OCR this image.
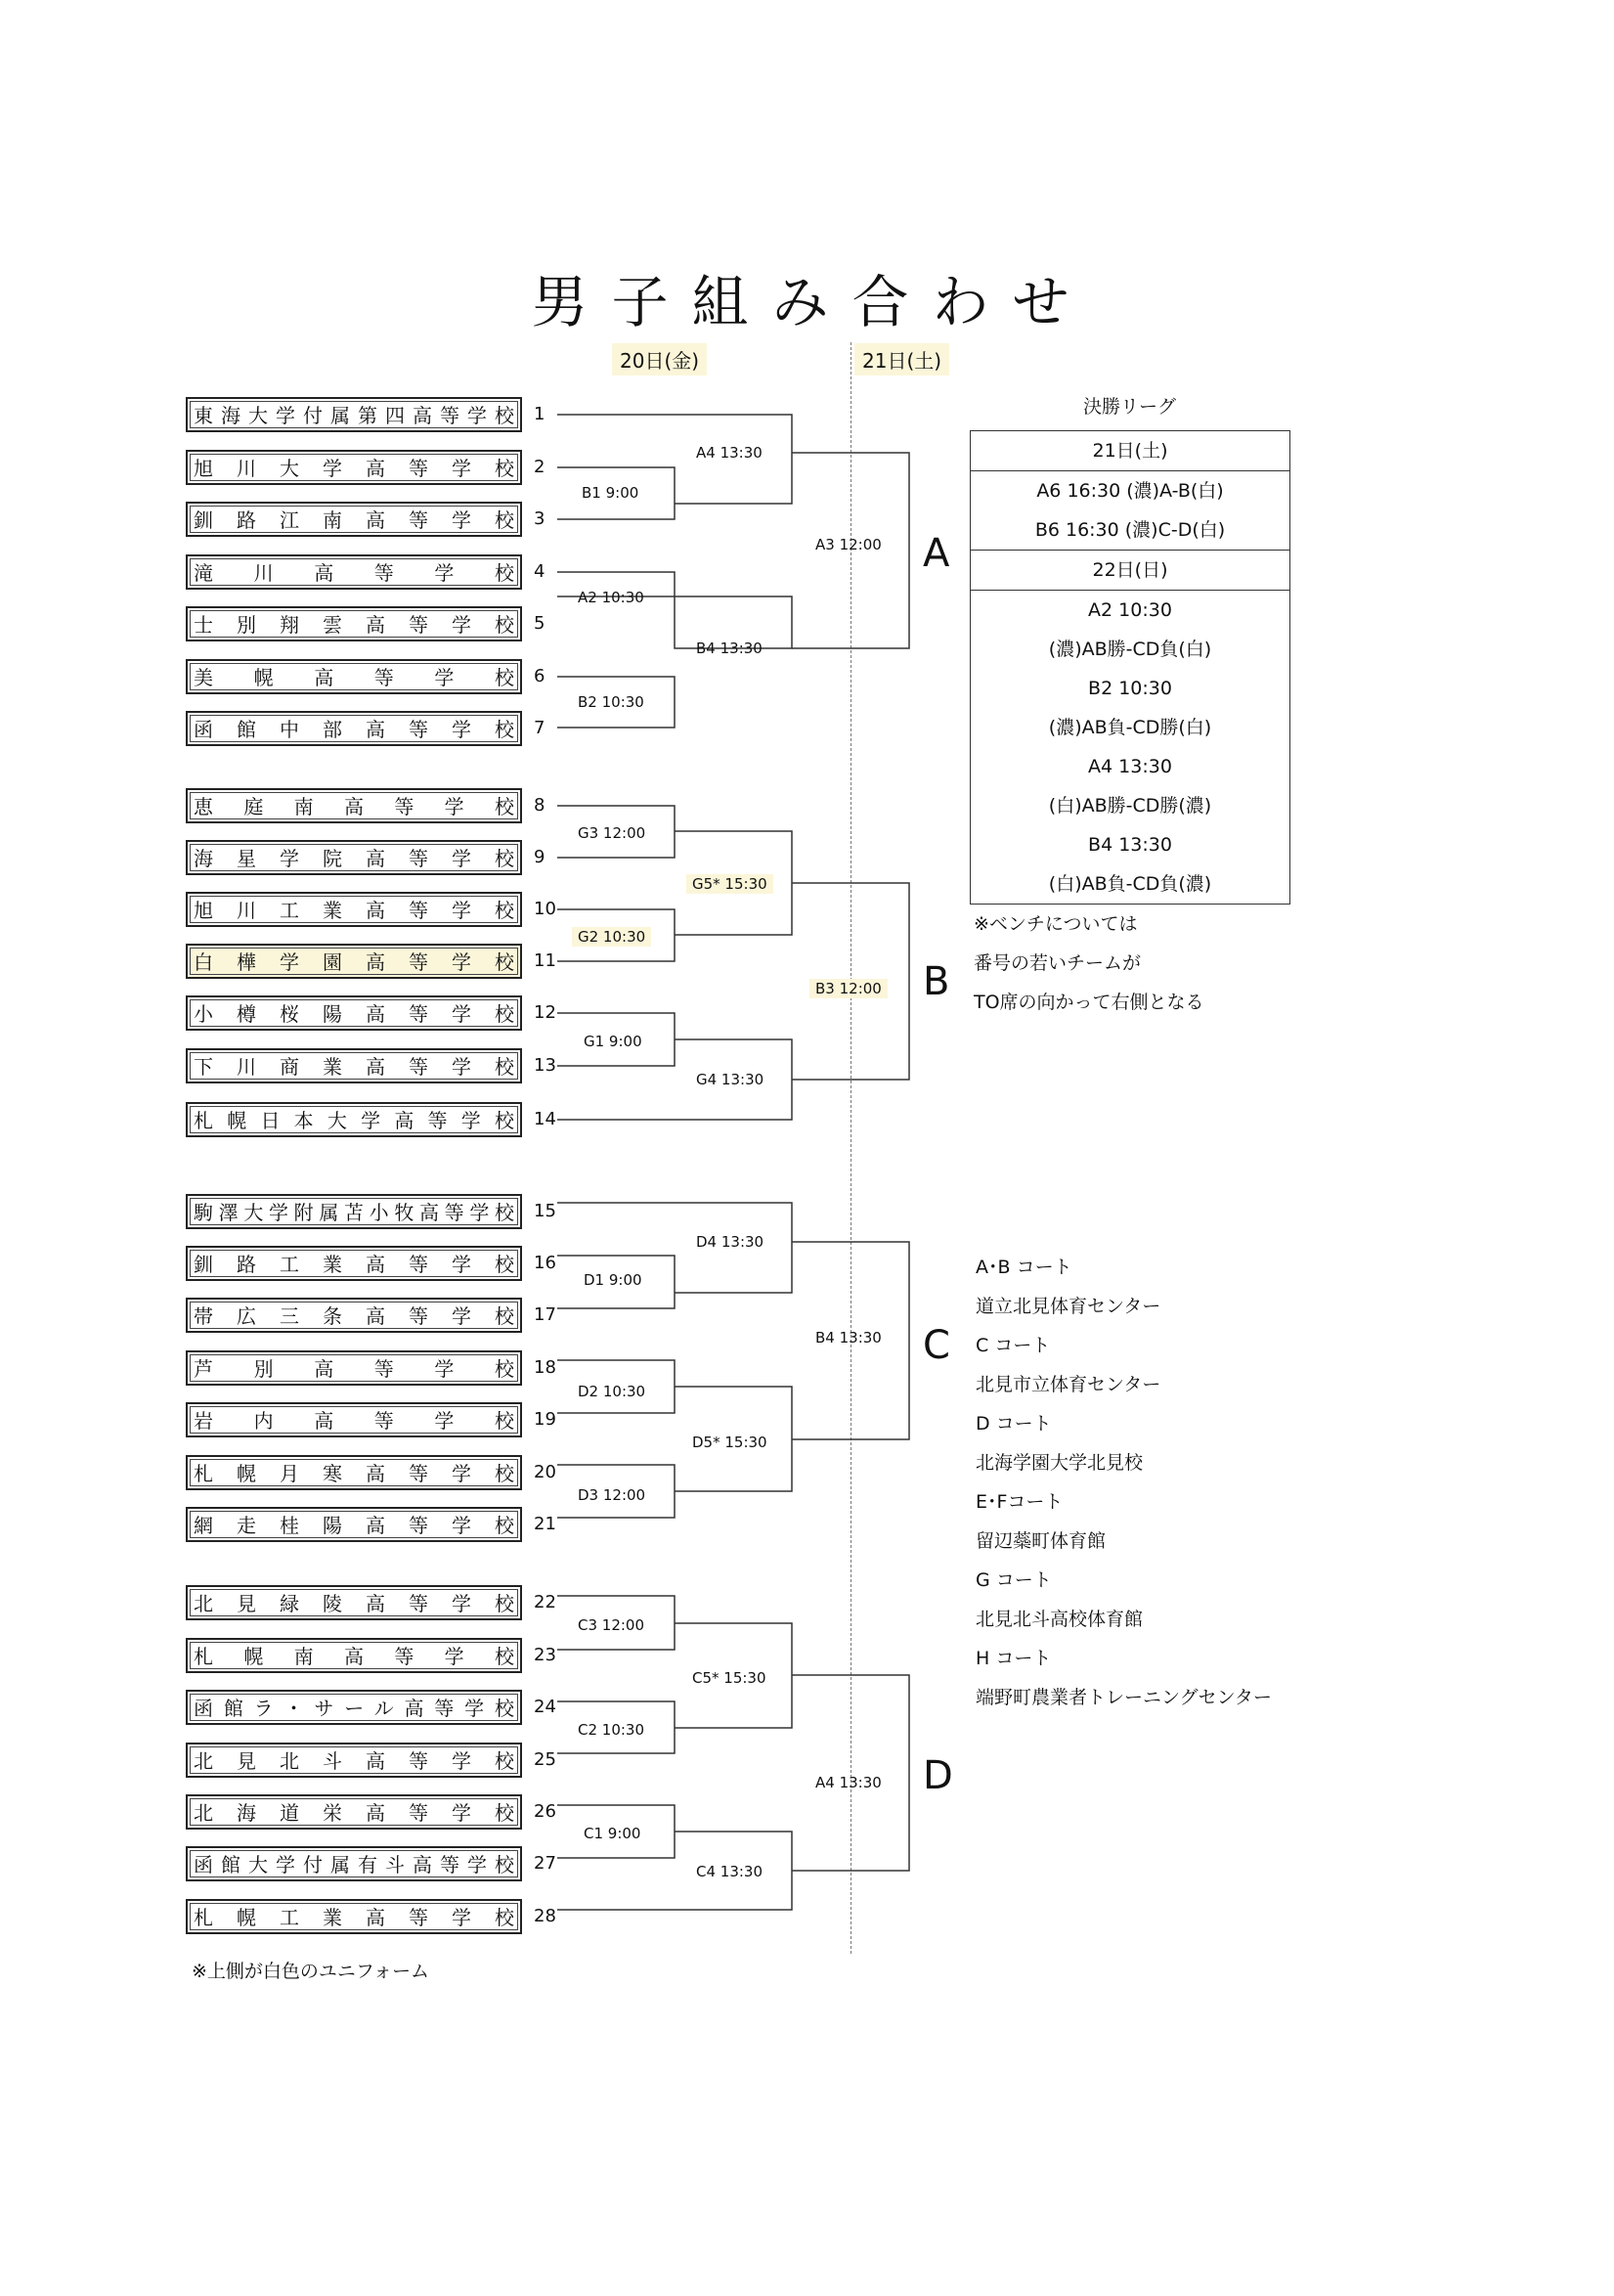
男子組み合わせ
20日(金)	21日(土)
東海大学付属第四高等学校 1
旭川大学高等学校 2
釧路江南高等学校 3
滝川高等学校 4
士別翔雲高等学校 5
美幌高等学校 6
函館中部高等学校 7
恵庭南高等学校 8
海星学院高等学校 9
旭川工業高等学校 10
白樺学園高等学校 11
小樽桜陽高等学校 12
下川商業高等学校 13
札幌日本大学高等学校 14
駒澤大学附属苫小牧高等学校 15
釧路工業高等学校 16
帯広三条高等学校 17
芦別高等学校 18
岩内高等学校 19
札幌月寒高等学校 20
網走桂陽高等学校 21
北見緑陵高等学校 22
札幌南高等学校 23
函館ラ・サール高等学校 24
北見北斗高等学校 25
北海道栄高等学校 26
函館大学付属有斗高等学校 27
札幌工業高等学校 28
A4 13:30
B1 9:00
A2 10:30
B4 13:30
B2 10:30
A3 12:00 A
G3 12:00
G5* 15:30
G2 10:30
G1 9:00
G4 13:30
B3 12:00 B
D4 13:30
D1 9:00
D2 10:30
D5* 15:30
D3 12:00
B4 13:30 C
C3 12:00
C5* 15:30
C2 10:30
C1 9:00
C4 13:30
A4 13:30 D
決勝リーグ
21日(土)
A6 16:30 (濃)A-B(白)
B6 16:30 (濃)C-D(白)
22日(日)
A2 10:30
(濃)AB勝-CD負(白)
B2 10:30
(濃)AB負-CD勝(白)
A4 13:30
(白)AB勝-CD勝(濃)
B4 13:30
(白)AB負-CD負(濃)
※ベンチについては
番号の若いチームが
TO席の向かって右側となる
A･B コート
道立北見体育センター
C コート
北見市立体育センター
D コート
北海学園大学北見校
E･Fコート
留辺蘂町体育館
G コート
北見北斗高校体育館
H コート
端野町農業者トレーニングセンター
※上側が白色のユニフォーム
